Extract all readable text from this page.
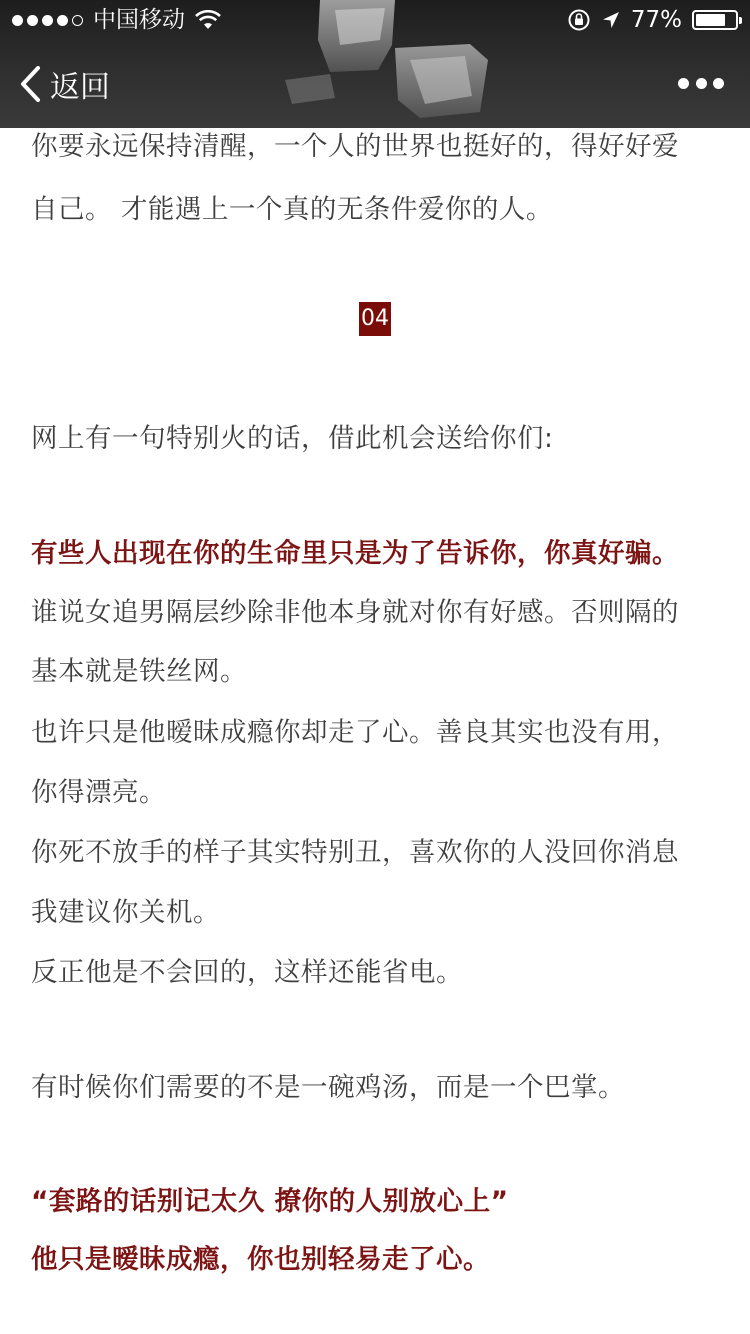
中国移动	77%
返回
你要永远保持清醒，一个人的世界也挺好的，得好好爱
自己。 才能遇上一个真的无条件爱你的人。
04
网上有一句特别火的话，借此机会送给你们:
有些人出现在你的生命里只是为了告诉你，你真好骗。
谁说女追男隔层纱除非他本身就对你有好感。否则隔的
基本就是铁丝网。
也许只是他暧昧成瘾你却走了心。善良其实也没有用，
你得漂亮。
你死不放手的样子其实特别丑，喜欢你的人没回你消息
我建议你关机。
反正他是不会回的，这样还能省电。
有时候你们需要的不是一碗鸡汤，而是一个巴掌。
“套路的话别记太久 撩你的人别放心上”
他只是暧昧成瘾，你也别轻易走了心。
